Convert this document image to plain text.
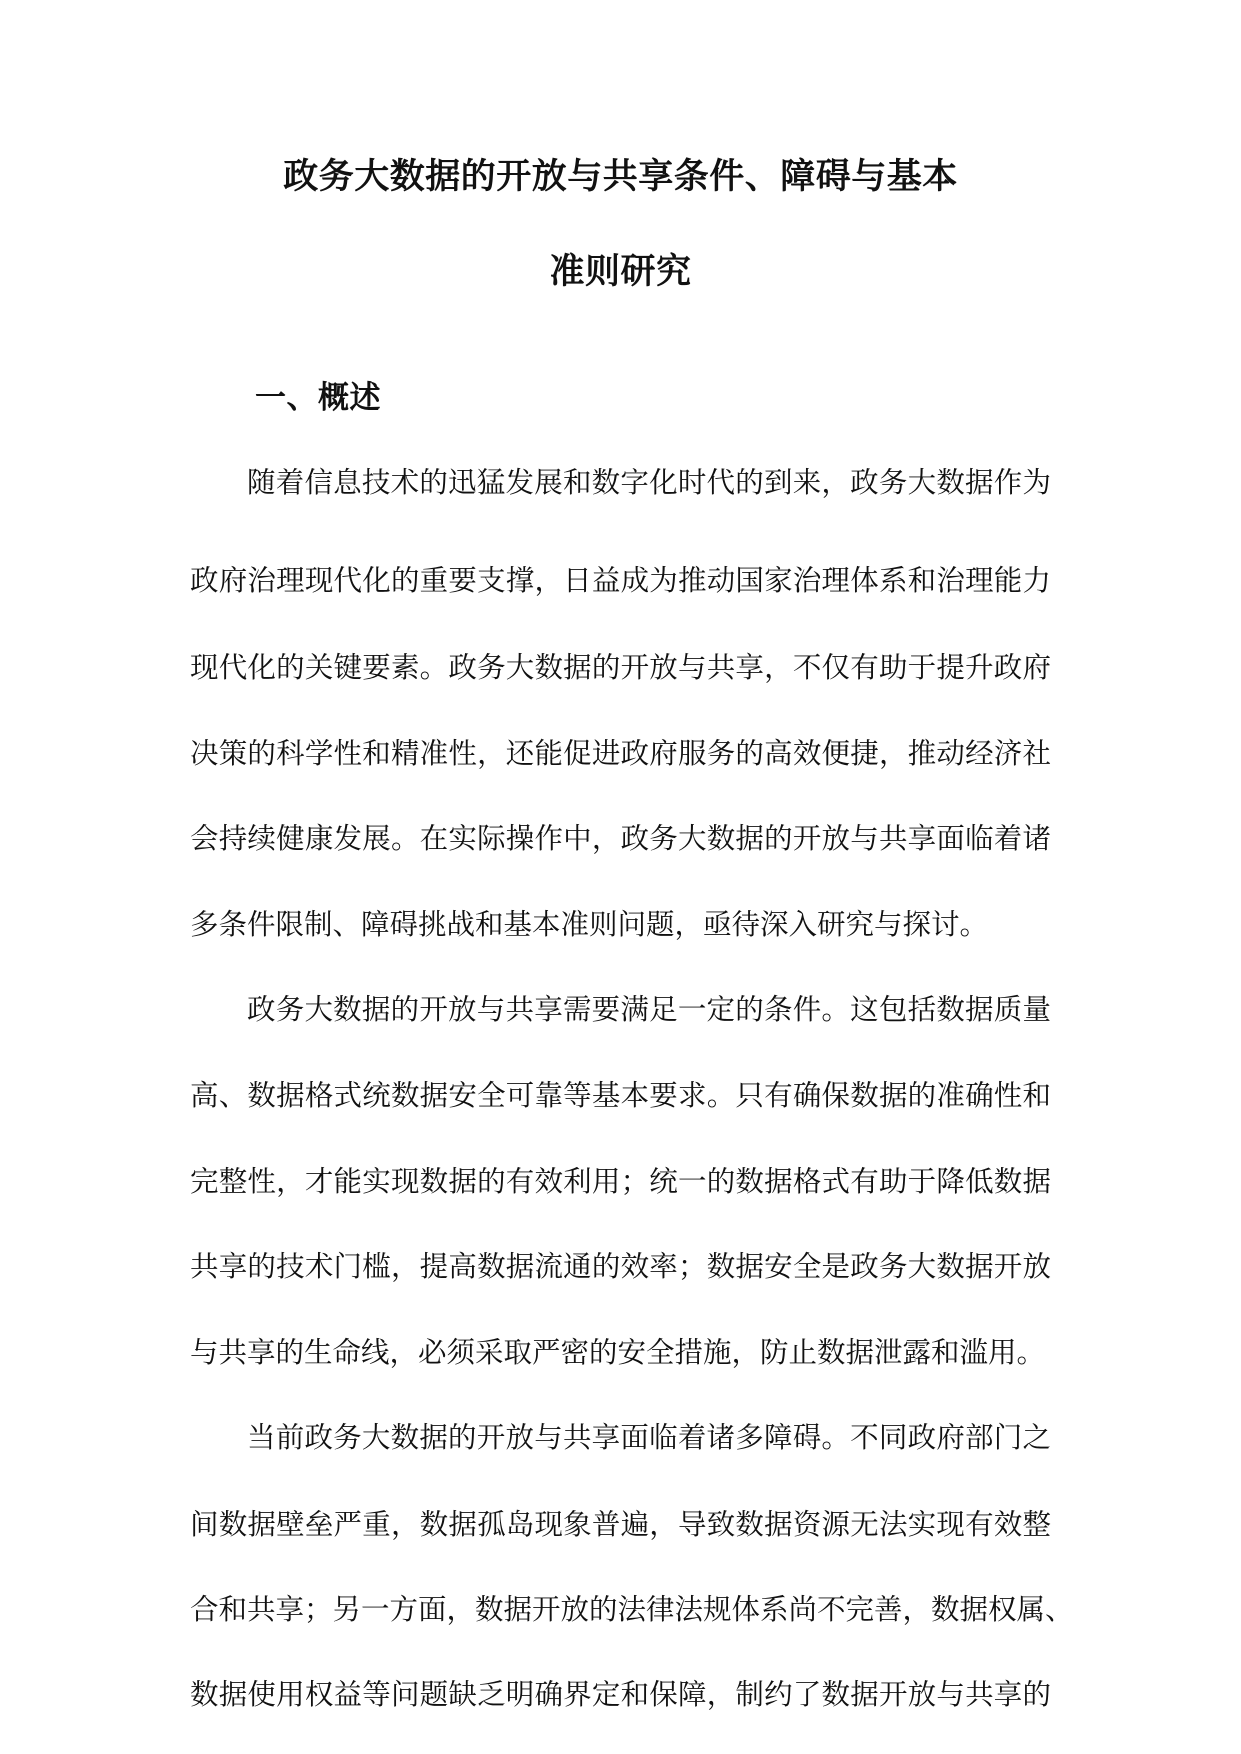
政务大数据的开放与共享条件、障碍与基本
准则研究
一、概述

随着信息技术的迅猛发展和数字化时代的到来，政务大数据作为

政府治理现代化的重要支撑，日益成为推动国家治理体系和治理能力

现代化的关键要素。政务大数据的开放与共享，不仅有助于提升政府

决策的科学性和精准性，还能促进政府服务的高效便捷，推动经济社

会持续健康发展。在实际操作中，政务大数据的开放与共享面临着诸

多条件限制、障碍挑战和基本准则问题，亟待深入研究与探讨。

政务大数据的开放与共享需要满足一定的条件。这包括数据质量

高、数据格式统数据安全可靠等基本要求。只有确保数据的准确性和

完整性，才能实现数据的有效利用；统一的数据格式有助于降低数据

共享的技术门槛，提高数据流通的效率；数据安全是政务大数据开放

与共享的生命线，必须采取严密的安全措施，防止数据泄露和滥用。

当前政务大数据的开放与共享面临着诸多障碍。不同政府部门之

间数据壁垒严重，数据孤岛现象普遍，导致数据资源无法实现有效整

合和共享；另一方面，数据开放的法律法规体系尚不完善，数据权属、

数据使用权益等问题缺乏明确界定和保障，制约了数据开放与共享的
